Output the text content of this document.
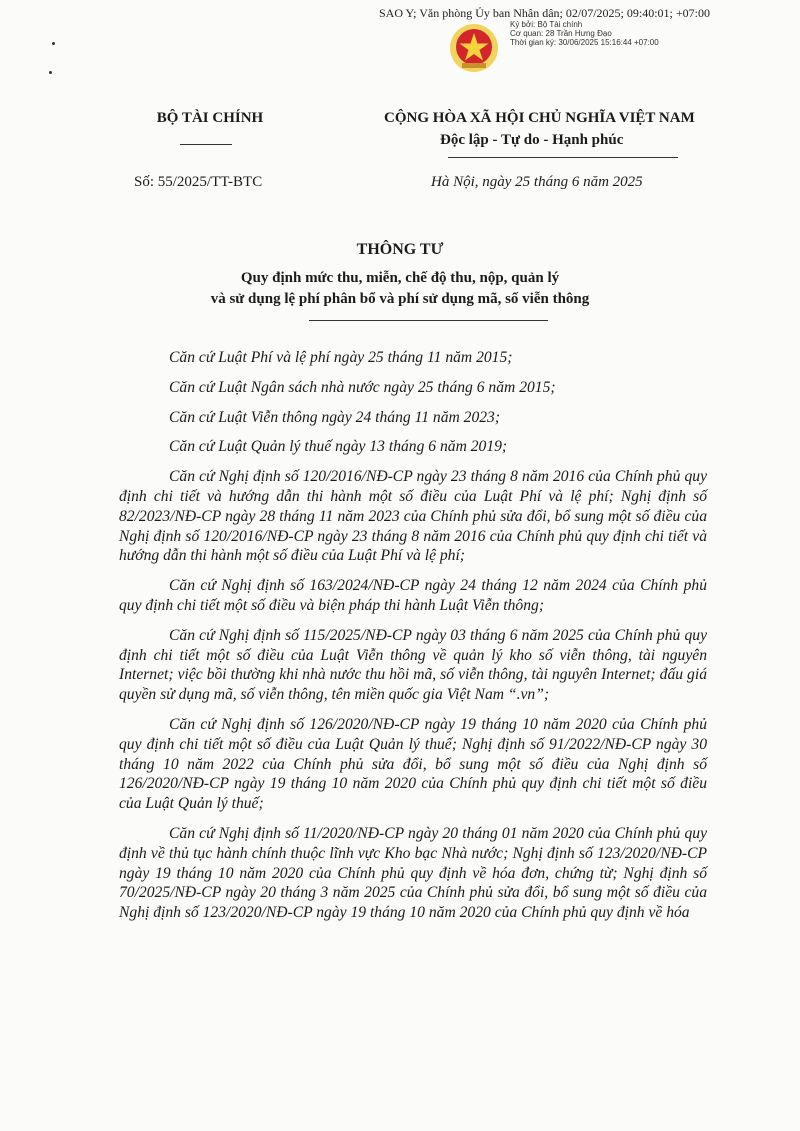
SAO Y; Văn phòng Ủy ban Nhân dân; 02/07/2025; 09:40:01; +07:00
Ký bởi: Bộ Tài chính
Cơ quan: 28 Trần Hưng Đạo
Thời gian ký: 30/06/2025 15:16:44 +07:00
BỘ TÀI CHÍNH	CỘNG HÒA XÃ HỘI CHỦ NGHĨA VIỆT NAM
Độc lập - Tự do - Hạnh phúc
Số: 55/2025/TT-BTC	Hà Nội, ngày 25 tháng 6 năm 2025
THÔNG TƯ
Quy định mức thu, miễn, chế độ thu, nộp, quản lý
và sử dụng lệ phí phân bổ và phí sử dụng mã, số viễn thông

Căn cứ Luật Phí và lệ phí ngày 25 tháng 11 năm 2015;

Căn cứ Luật Ngân sách nhà nước ngày 25 tháng 6 năm 2015;

Căn cứ Luật Viễn thông ngày 24 tháng 11 năm 2023;

Căn cứ Luật Quản lý thuế ngày 13 tháng 6 năm 2019;

Căn cứ Nghị định số 120/2016/NĐ-CP ngày 23 tháng 8 năm 2016 của Chính phủ quy định chi tiết và hướng dẫn thi hành một số điều của Luật Phí và lệ phí; Nghị định số 82/2023/NĐ-CP ngày 28 tháng 11 năm 2023 của Chính phủ sửa đổi, bổ sung một số điều của Nghị định số 120/2016/NĐ-CP ngày 23 tháng 8 năm 2016 của Chính phủ quy định chi tiết và hướng dẫn thi hành một số điều của Luật Phí và lệ phí;

Căn cứ Nghị định số 163/2024/NĐ-CP ngày 24 tháng 12 năm 2024 của Chính phủ quy định chi tiết một số điều và biện pháp thi hành Luật Viễn thông;

Căn cứ Nghị định số 115/2025/NĐ-CP ngày 03 tháng 6 năm 2025 của Chính phủ quy định chi tiết một số điều của Luật Viễn thông về quản lý kho số viễn thông, tài nguyên Internet; việc bồi thường khi nhà nước thu hồi mã, số viễn thông, tài nguyên Internet; đấu giá quyền sử dụng mã, số viễn thông, tên miền quốc gia Việt Nam “.vn”;

Căn cứ Nghị định số 126/2020/NĐ-CP ngày 19 tháng 10 năm 2020 của Chính phủ quy định chi tiết một số điều của Luật Quản lý thuế; Nghị định số 91/2022/NĐ-CP ngày 30 tháng 10 năm 2022 của Chính phủ sửa đổi, bổ sung một số điều của Nghị định số 126/2020/NĐ-CP ngày 19 tháng 10 năm 2020 của Chính phủ quy định chi tiết một số điều của Luật Quản lý thuế;

Căn cứ Nghị định số 11/2020/NĐ-CP ngày 20 tháng 01 năm 2020 của Chính phủ quy định về thủ tục hành chính thuộc lĩnh vực Kho bạc Nhà nước; Nghị định số 123/2020/NĐ-CP ngày 19 tháng 10 năm 2020 của Chính phủ quy định về hóa đơn, chứng từ; Nghị định số 70/2025/NĐ-CP ngày 20 tháng 3 năm 2025 của Chính phủ sửa đổi, bổ sung một số điều của Nghị định số 123/2020/NĐ-CP ngày 19 tháng 10 năm 2020 của Chính phủ quy định về hóa
